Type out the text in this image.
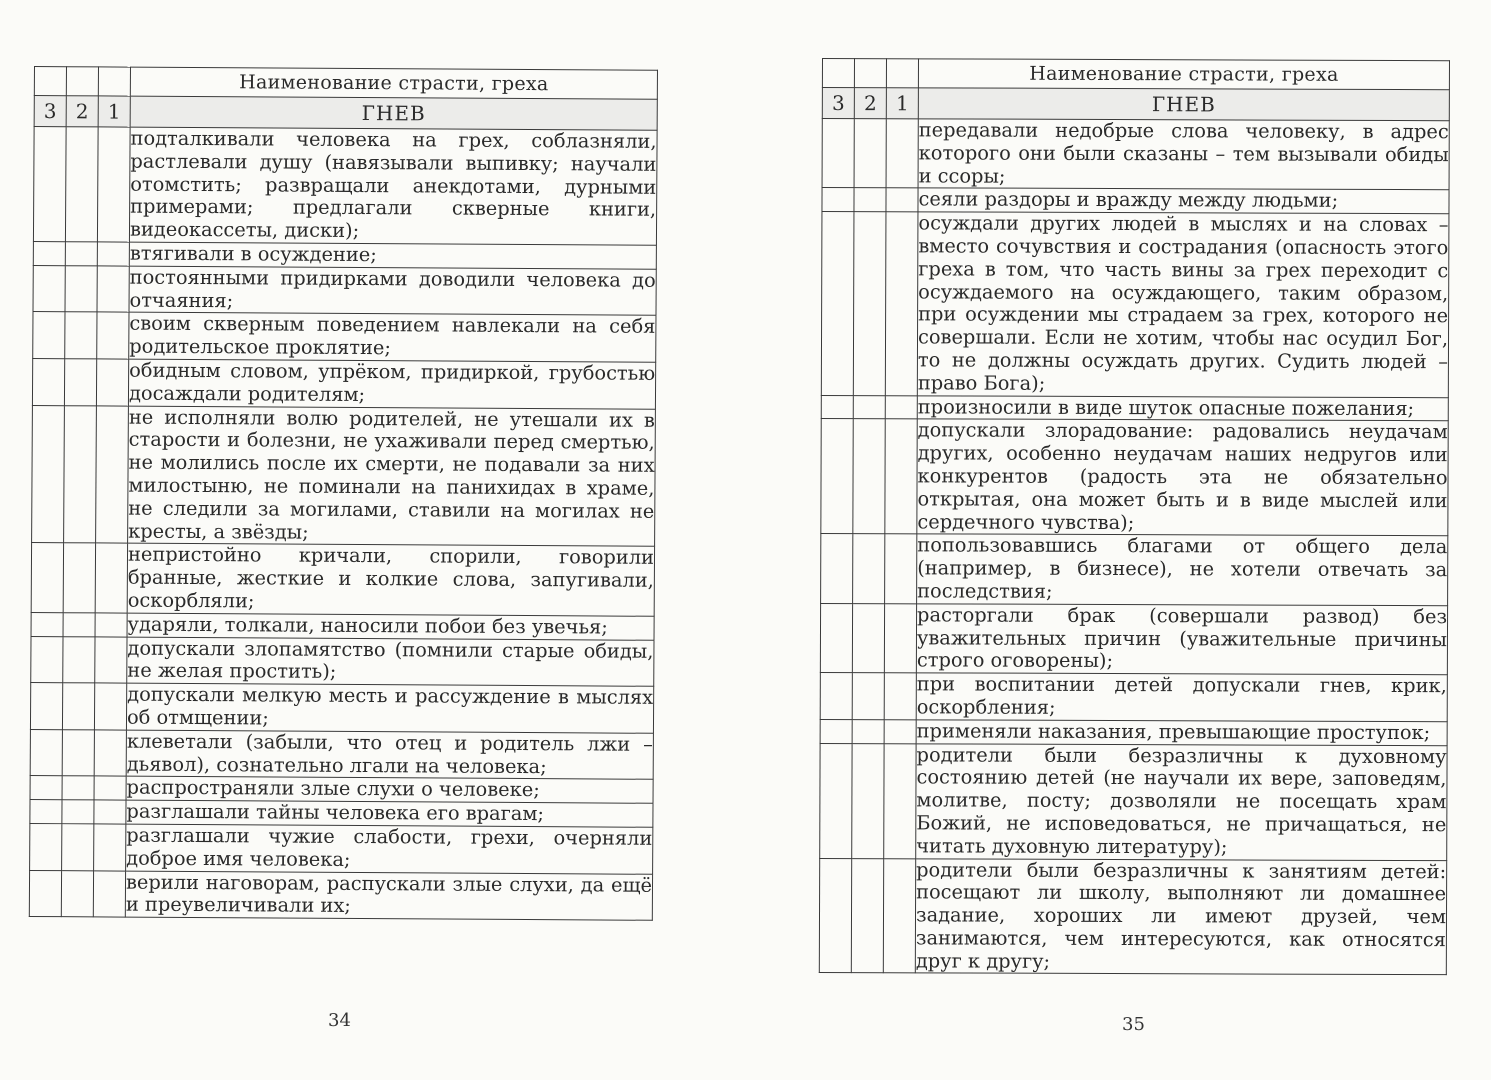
			Наименование страсти, греха
3	2	1	ГНЕВ
			подталкивали человека на грех, соблазняли, растлевали душу (навязывали выпивку; научали отомстить; развращали анекдотами, дурными примерами; предлагали скверные книги, видеокассеты, диски);
			втягивали в осуждение;
			постоянными придирками доводили человека до отчаяния;
			своим скверным поведением навлекали на себя родительское проклятие;
			обидным словом, упрёком, придиркой, грубостью досаждали родителям;
			не исполняли волю родителей, не утешали их в старости и болезни, не ухаживали перед смертью, не молились после их смерти, не подавали за них милостыню, не поминали на панихидах в храме, не следили за могилами, ставили на могилах не кресты, а звёзды;
			непристойно кричали, спорили, говорили бранные, жесткие и колкие слова, запугивали, оскорбляли;
			ударяли, толкали, наносили побои без увечья;
			допускали злопамятство (помнили старые обиды, не желая простить);
			допускали мелкую месть и рассуждение в мыслях об отмщении;
			клеветали (забыли, что отец и родитель лжи – дьявол), сознательно лгали на человека;
			распространяли злые слухи о человеке;
			разглашали тайны человека его врагам;
			разглашали чужие слабости, грехи, очерняли доброе имя человека;
			верили наговорам, распускали злые слухи, да ещё и преувеличивали их;
34
			Наименование страсти, греха
3	2	1	ГНЕВ
			передавали недобрые слова человеку, в адрес которого они были сказаны – тем вызывали обиды и ссоры;
			сеяли раздоры и вражду между людьми;
			осуждали других людей в мыслях и на словах – вместо сочувствия и сострадания (опасность этого греха в том, что часть вины за грех переходит с осуждаемого на осуждающего, таким образом, при осуждении мы страдаем за грех, которого не совершали. Если не хотим, чтобы нас осудил Бог, то не должны осуждать других. Судить людей – право Бога);
			произносили в виде шуток опасные пожелания;
			допускали злорадование: радовались неудачам других, особенно неудачам наших недругов или конкурентов (радость эта не обязательно открытая, она может быть и в виде мыслей или сердечного чувства);
			попользовавшись благами от общего дела (например, в бизнесе), не хотели отвечать за последствия;
			расторгали брак (совершали развод) без уважительных причин (уважительные причины строго оговорены);
			при воспитании детей допускали гнев, крик, оскорбления;
			применяли наказания, превышающие проступок;
			родители были безразличны к духовному состоянию детей (не научали их вере, заповедям, молитве, посту; дозволяли не посещать храм Божий, не исповедоваться, не причащаться, не читать духовную литературу);
			родители были безразличны к занятиям детей: посещают ли школу, выполняют ли домашнее задание, хороших ли имеют друзей, чем занимаются, чем интересуются, как относятся друг к другу;
35
